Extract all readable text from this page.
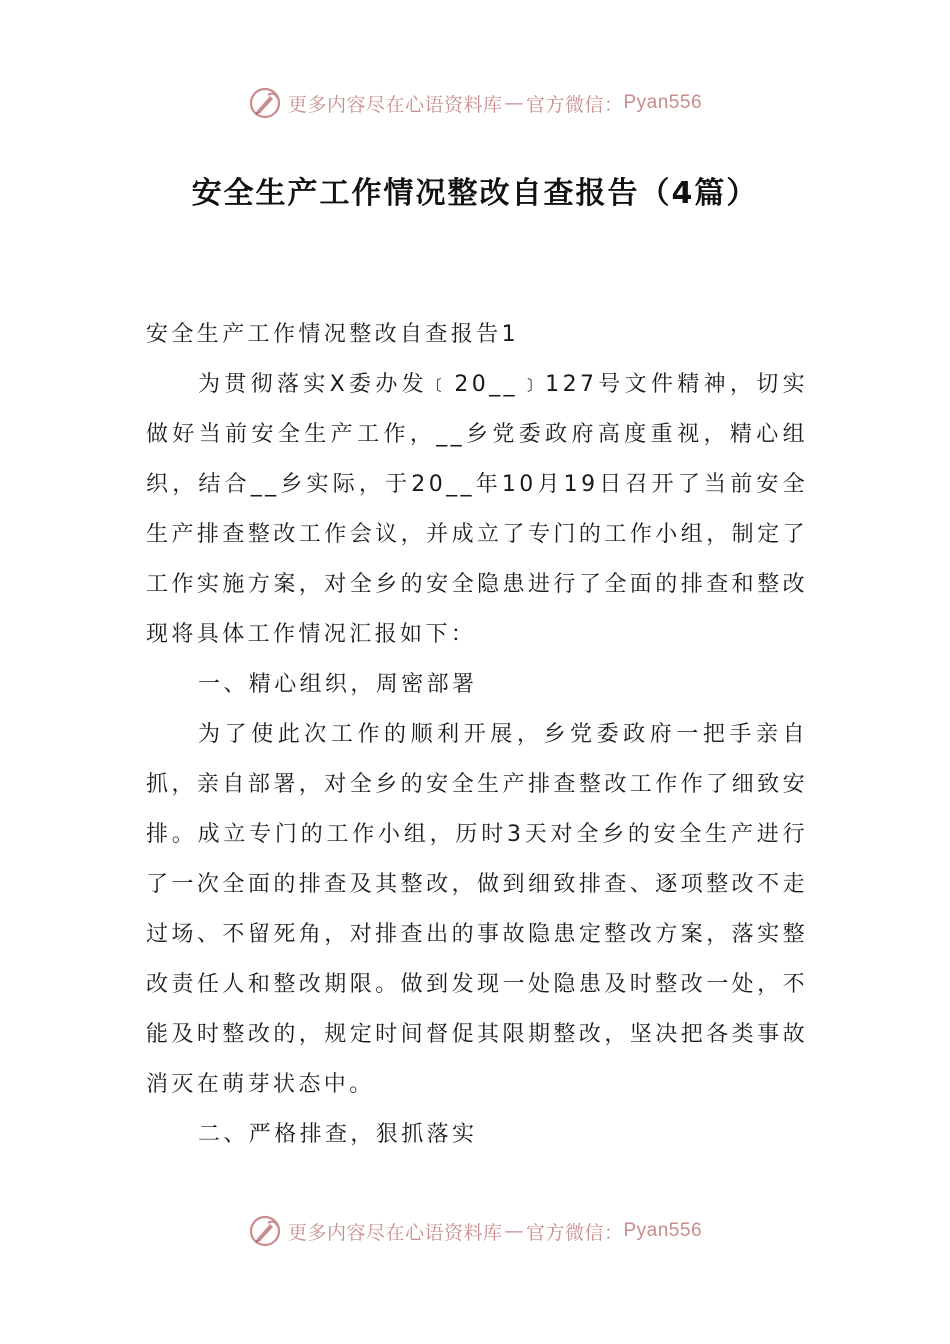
更多内容尽在心语资料库 — 官方微信： Pyan556
安全生产工作情况整改自查报告（4篇）

安全生产工作情况整改自查报告1

为贯彻落实X委办发﹝20__﹞127号文件精神，切实做好当前安全生产工作，__乡党委政府高度重视，精心组织，结合__乡实际，于20__年10月19日召开了当前安全生产排查整改工作会议，并成立了专门的工作小组，制定了工作实施方案，对全乡的安全隐患进行了全面的排查和整改现将具体工作情况汇报如下：

一、精心组织，周密部署

为了使此次工作的顺利开展，乡党委政府一把手亲自抓，亲自部署，对全乡的安全生产排查整改工作作了细致安排。成立专门的工作小组，历时3天对全乡的安全生产进行了一次全面的排查及其整改，做到细致排查、逐项整改不走过场、不留死角，对排查出的事故隐患定整改方案，落实整改责任人和整改期限。做到发现一处隐患及时整改一处，不能及时整改的，规定时间督促其限期整改，坚决把各类事故消灭在萌芽状态中。

二、严格排查，狠抓落实

更多内容尽在心语资料库 — 官方微信： Pyan556
